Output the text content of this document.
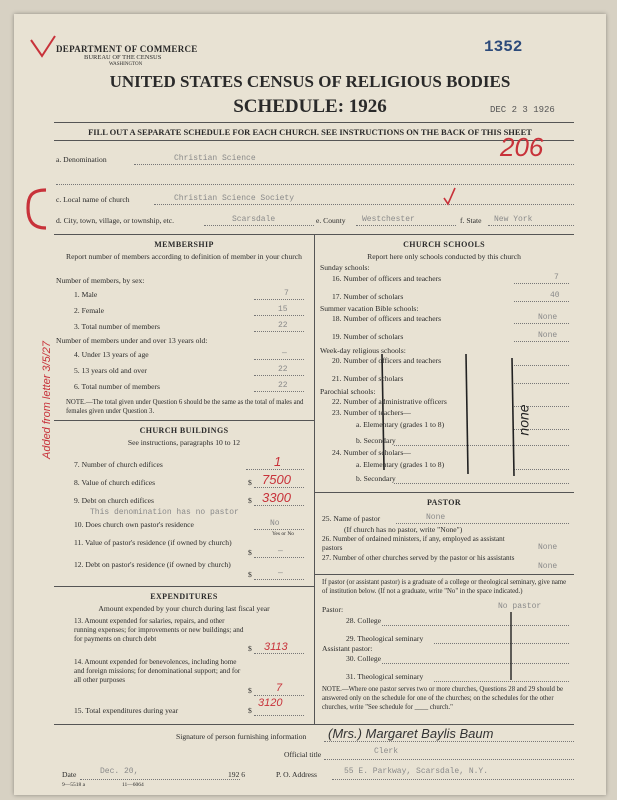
DEPARTMENT OF COMMERCE
BUREAU OF THE CENSUS
WASHINGTON
1352
UNITED STATES CENSUS OF RELIGIOUS BODIES
SCHEDULE: 1926	DEC 2 3 1926
FILL OUT A SEPARATE SCHEDULE FOR EACH CHURCH. SEE INSTRUCTIONS ON THE BACK OF THIS SHEET
206
a. Denomination	Christian Science
c. Local name of church	Christian Science Society
d. City, town, village, or township, etc.	Scarsdale	e. County Westchester	f. State New York
Added from letter 3/5/27
MEMBERSHIP
Report number of members according to definition of member in your church
Number of members, by sex:
1. Male	7
2. Female	15
3. Total number of members	22
Number of members under and over 13 years old:
4. Under 13 years of age	—
5. 13 years old and over	22
6. Total number of members	22
NOTE.—The total given under Question 6 should be the same as the total of males and females given under Question 3.
CHURCH BUILDINGS
See instructions, paragraphs 10 to 12
7. Number of church edifices	1
8. Value of church edifices	$ 7500
9. Debt on church edifices	$ 3300
This denomination has no pastor
10. Does church own pastor's residence	No
Yes or No
11. Value of pastor's residence (if owned by church)
$	—
12. Debt on pastor's residence (if owned by church)
$	—
EXPENDITURES
Amount expended by your church during last fiscal year
13. Amount expended for salaries, repairs, and other running expenses; for improvements or new buildings; and for payments on church debt
$ 3113
14. Amount expended for benevolences, including home and foreign missions; for denominational support; and for all other purposes
$ 7
15. Total expenditures during year	$
3120
CHURCH SCHOOLS
Report here only schools conducted by this church
Sunday schools:
16. Number of officers and teachers	7
17. Number of scholars	40
Summer vacation Bible schools:
18. Number of officers and teachers	None
19. Number of scholars	None
Week-day religious schools:
20. Number of officers and teachers
21. Number of scholars
Parochial schools:
22. Number of administrative officers
23. Number of teachers—
a. Elementary (grades 1 to 8)
b. Secondary
24. Number of scholars—
a. Elementary (grades 1 to 8)
b. Secondary
none
PASTOR
25. Name of pastor	None
(If church has no pastor, write "None")
26. Number of ordained ministers, if any, employed as assistant pastors	None
27. Number of other churches served by the pastor or his assistants
None
If pastor (or assistant pastor) is a graduate of a college or theological seminary, give name of institution below. (If not a graduate, write "No" in the space indicated.)
Pastor:	No pastor
28. College
29. Theological seminary
Assistant pastor:
30. College
31. Theological seminary
NOTE.—Where one pastor serves two or more churches, Questions 28 and 29 should be answered only on the schedule for one of the churches; on the schedules for the other churches, write "See schedule for ____ church."
Signature of person furnishing information (Mrs.) Margaret Baylis Baum
Official title	Clerk
Date	Dec. 20,	192 6	P. O. Address	55 E. Parkway, Scarsdale, N.Y.
9—5518 a	11—6064
